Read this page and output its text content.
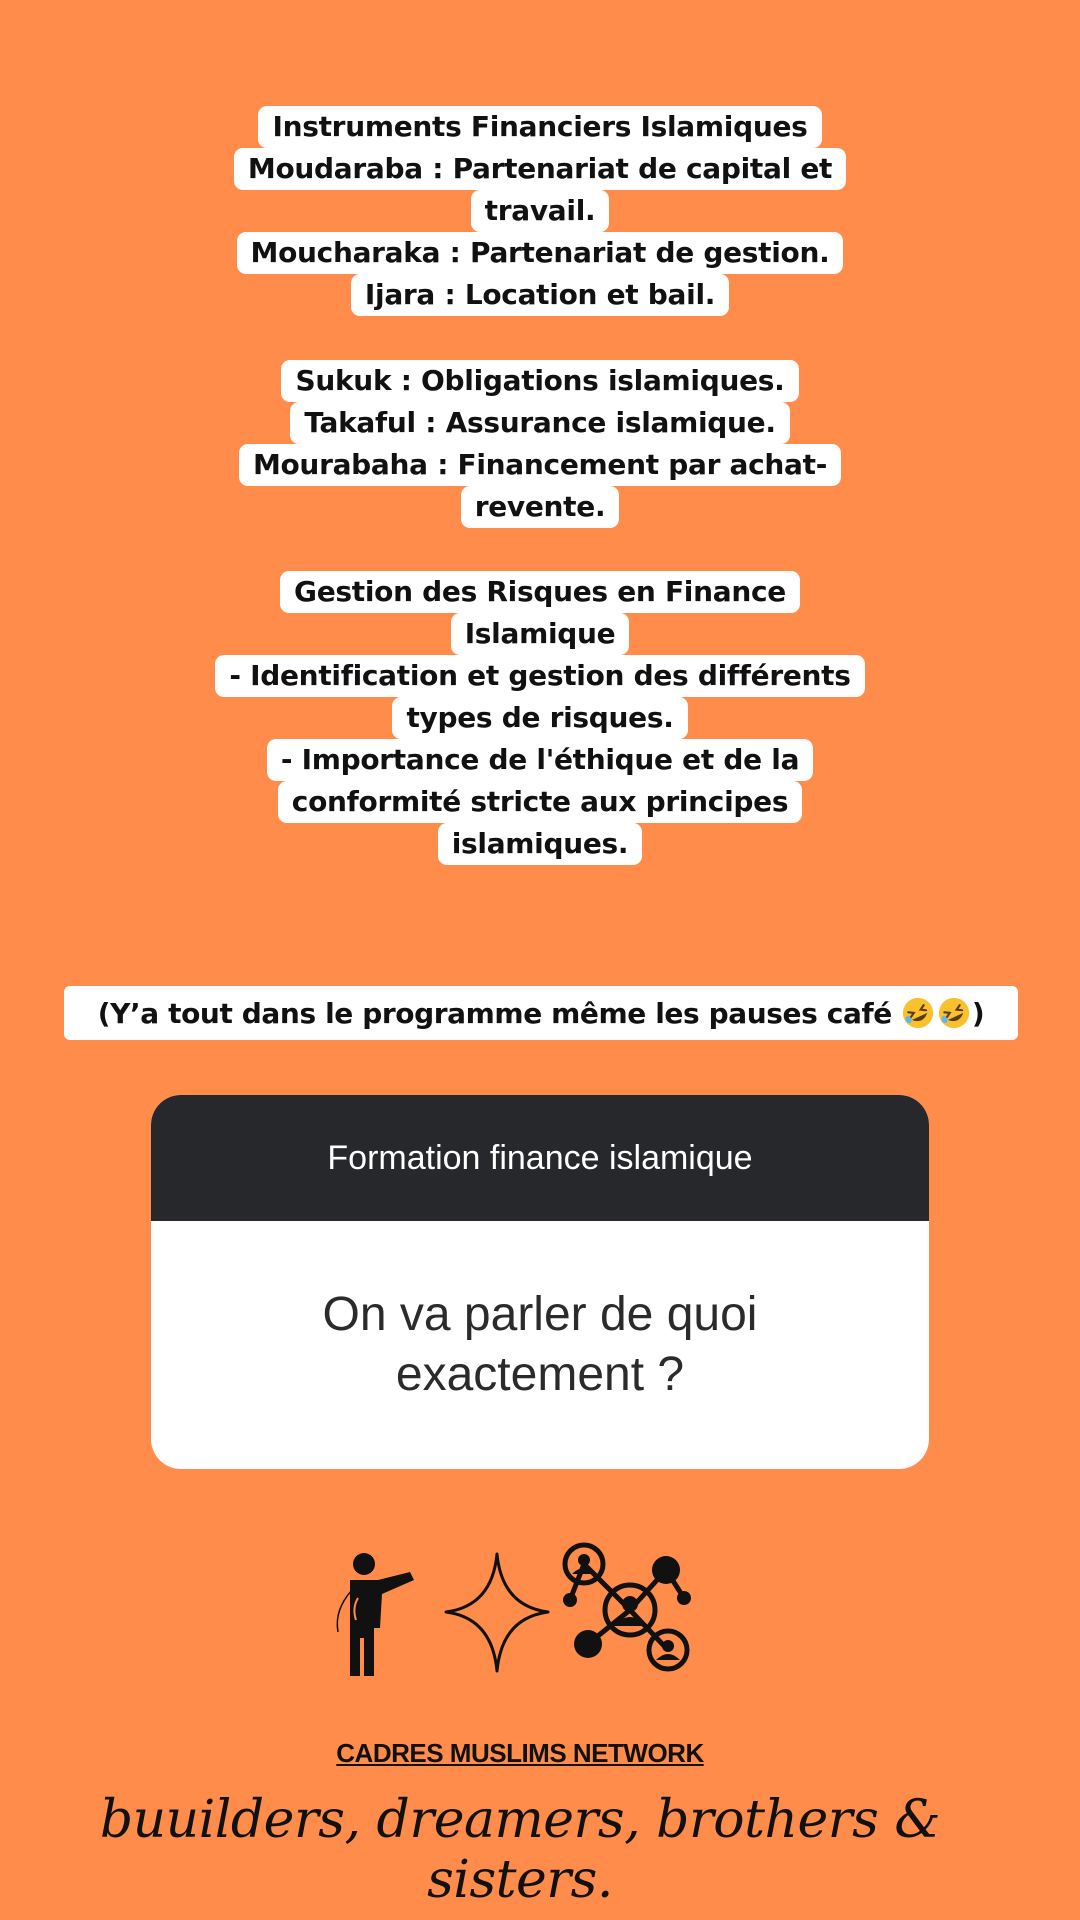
Instruments Financiers Islamiques
Moudaraba : Partenariat de capital et
travail.
Moucharaka : Partenariat de gestion.
Ijara : Location et bail.
Sukuk : Obligations islamiques.
Takaful : Assurance islamique.
Mourabaha : Financement par achat-
revente.
Gestion des Risques en Finance
Islamique
- Identification et gestion des différents
types de risques.
- Importance de l'éthique et de la
conformité stricte aux principes
islamiques.
(Y’a tout dans le programme même les pauses café	)
Formation finance islamique
On va parler de quoi exactement ?
CADRES MUSLIMS NETWORK
buuilders, dreamers, brothers & sisters.
